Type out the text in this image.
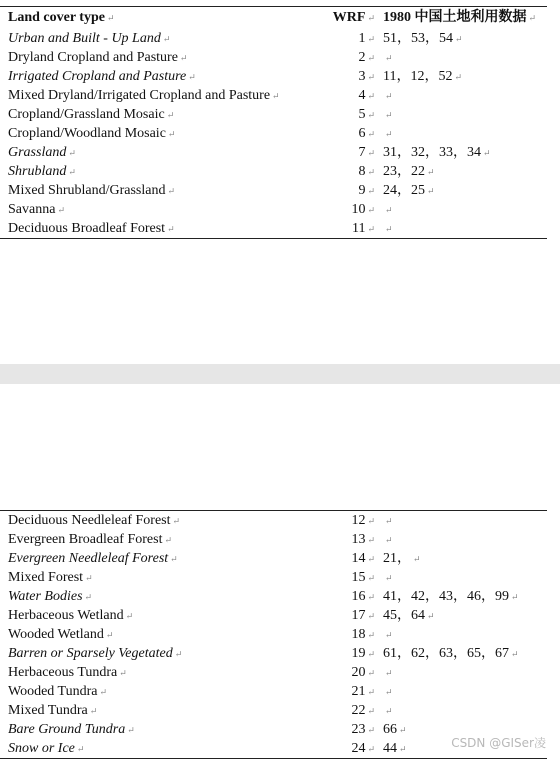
Land cover type ↵	WRF ↵	1980 中国土地利用数据 ↵
Urban and Built - Up Land ↵	1 ↵	51，53，54 ↵
Dryland Cropland and Pasture ↵	2 ↵	↵
Irrigated Cropland and Pasture ↵	3 ↵	11，12，52 ↵
Mixed Dryland/Irrigated Cropland and Pasture ↵	4 ↵	↵
Cropland/Grassland Mosaic ↵	5 ↵	↵
Cropland/Woodland Mosaic ↵	6 ↵	↵
Grassland ↵	7 ↵	31，32，33，34 ↵
Shrubland ↵	8 ↵	23，22 ↵
Mixed Shrubland/Grassland ↵	9 ↵	24，25 ↵
Savanna ↵	10 ↵	↵
Deciduous Broadleaf Forest ↵	11 ↵	↵
Deciduous Needleleaf Forest ↵	12 ↵	↵
Evergreen Broadleaf Forest ↵	13 ↵	↵
Evergreen Needleleaf Forest ↵	14 ↵	21， ↵
Mixed Forest ↵	15 ↵	↵
Water Bodies ↵	16 ↵	41，42，43，46，99 ↵
Herbaceous Wetland ↵	17 ↵	45，64 ↵
Wooded Wetland ↵	18 ↵	↵
Barren or Sparsely Vegetated ↵	19 ↵	61，62，63，65，67 ↵
Herbaceous Tundra ↵	20 ↵	↵
Wooded Tundra ↵	21 ↵	↵
Mixed Tundra ↵	22 ↵	↵
Bare Ground Tundra ↵	23 ↵	66 ↵
Snow or Ice ↵	24 ↵	44 ↵	CSDN @GISer凌
